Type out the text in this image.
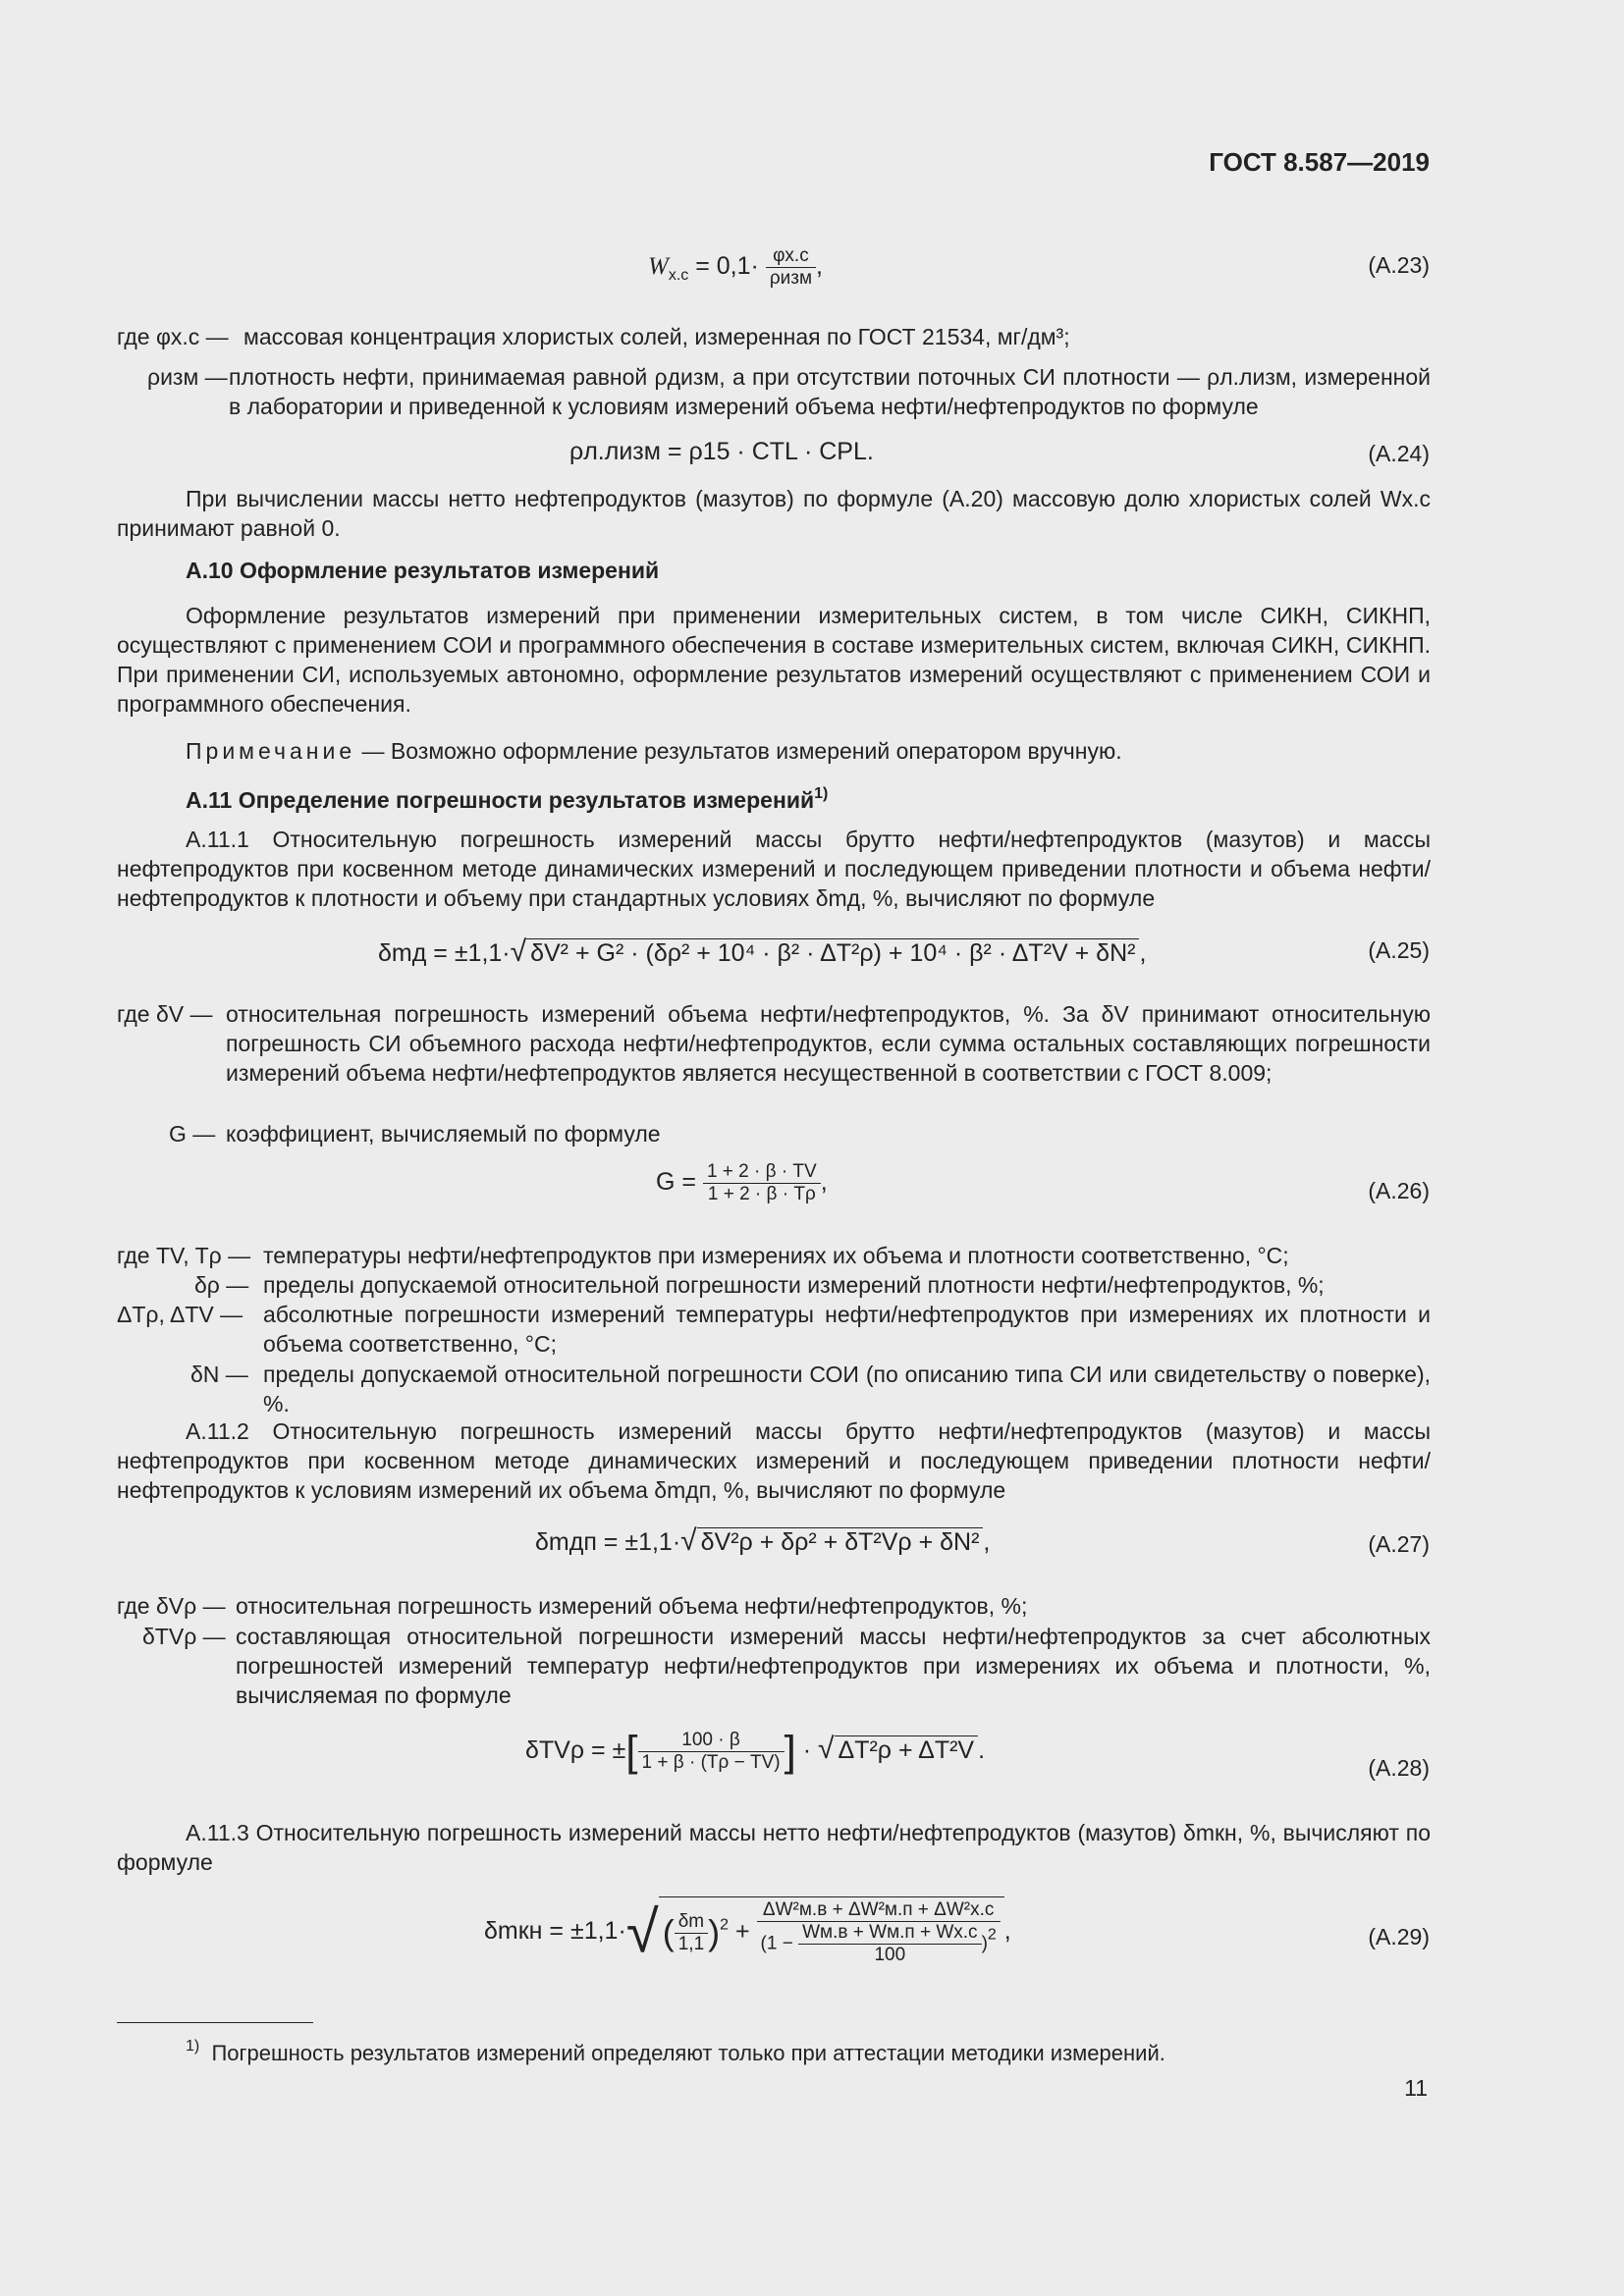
ГОСТ 8.587—2019
$W_{х.с} = 0,1\cdot \frac{\varphi х.с}{\text{ρизм}}$ ,	(А.23)
где φх.с — массовая концентрация хлористых солей, измеренная по ГОСТ 21534, мг/дм³;
ρизм — плотность нефти, принимаемая равной ρдизм, а при отсутствии поточных СИ плотности — ρл.лизм, измеренной в лаборатории и приведенной к условиям измерений объема нефти/нефтепродуктов по формуле
ρл.лизм = ρ15 · CTL · CPL.	(А.24)
При вычислении массы нетто нефтепродуктов (мазутов) по формуле (А.20) массовую долю хлористых солей Wх.с принимают равной 0.
А.10 Оформление результатов измерений
Оформление результатов измерений при применении измерительных систем, в том числе СИКН, СИКНП, осуществляют с применением СОИ и программного обеспечения в составе измерительных систем, включая СИКН, СИКНП. При применении СИ, используемых автономно, оформление результатов измерений осуществляют с применением СОИ и программного обеспечения.
Примечание — Возможно оформление результатов измерений оператором вручную.
А.11 Определение погрешности результатов измерений$^{1)}$
А.11.1 Относительную погрешность измерений массы брутто нефти/нефтепродуктов (мазутов) и массы нефтепродуктов при косвенном методе динамических измерений и последующем приведении плотности и объема нефти/нефтепродуктов к плотности и объему при стандартных условиях δmд, %, вычисляют по формуле
δmд = ±1,1·√ δV² + G² · (δρ² + 10⁴ · β² · ΔT²ρ) + 10⁴ · β² · ΔT²V + δN² ,	(А.25)
где δV — относительная погрешность измерений объема нефти/нефтепродуктов, %. За δV принимают относительную погрешность СИ объемного расхода нефти/нефтепродуктов, если сумма остальных составляющих погрешности измерений объема нефти/нефтепродуктов является несущественной в соответствии с ГОСТ 8.009;
G — коэффициент, вычисляемый по формуле
$G = \frac{1 + 2 \cdot \beta \cdot TV}{1 + 2 \cdot \beta \cdot T\rho}$ ,	(А.26)
где TV, Tρ — температуры нефти/нефтепродуктов при измерениях их объема и плотности соответственно, °С;
δρ — пределы допускаемой относительной погрешности измерений плотности нефти/нефтепродуктов, %;
ΔTρ, ΔTV — абсолютные погрешности измерений температуры нефти/нефтепродуктов при измерениях их плотности и объема соответственно, °С;
δN — пределы допускаемой относительной погрешности СОИ (по описанию типа СИ или свидетельству о поверке), %.
А.11.2 Относительную погрешность измерений массы брутто нефти/нефтепродуктов (мазутов) и массы нефтепродуктов при косвенном методе динамических измерений и последующем приведении плотности нефти/нефтепродуктов к условиям измерений их объема δmдп, %, вычисляют по формуле
δmдп = ±1,1·√ δV²ρ + δρ² + δT²Vρ + δN² ,	(А.27)
где δVρ — относительная погрешность измерений объема нефти/нефтепродуктов, %;
δTVρ — составляющая относительной погрешности измерений массы нефти/нефтепродуктов за счет абсолютных погрешностей измерений температур нефти/нефтепродуктов при измерениях их объема и плотности, %, вычисляемая по формуле
δTVρ = ±[ $\frac{100 \cdot \beta}{1 + \beta \cdot (T\rho - TV)}$ ] · √ ΔT²ρ + ΔT²V .
(А.28)
А.11.3 Относительную погрешность измерений массы нетто нефти/нефтепродуктов (мазутов) δmкн, %, вычисляют по формуле
δmкн = ±1,1·√ ( $\frac{\delta m}{1,1} )^2 + \frac{\text{ΔW²м.в + ΔW²м.п + ΔW²х.с}}{(1 - \frac{Wм.в + Wм.п + Wх.с}{100} )^2}$ ,	(А.29)
$^{1)}$ Погрешность результатов измерений определяют только при аттестации методики измерений.
11
